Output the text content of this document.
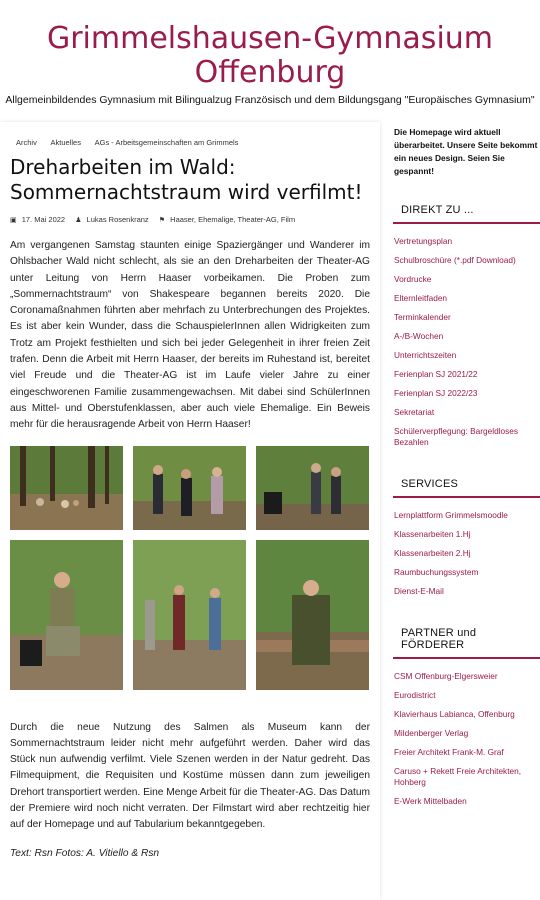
Grimmelshausen-Gymnasium Offenburg
Allgemeinbildendes Gymnasium mit Bilingualzug Französisch und dem Bildungsgang "Europäisches Gymnasium"
Archiv Aktuelles AGs - Arbeitsgemeinschaften am Grimmels
Dreharbeiten im Wald: Sommernachtstraum wird verfilmt!
▣ 17. Mai 2022 ♟ Lukas Rosenkranz ⚑ Haaser, Ehemalige, Theater-AG, Film

Am vergangenen Samstag staunten einige Spaziergänger und Wanderer im Ohlsbacher Wald nicht schlecht, als sie an den Dreharbeiten der Theater-AG unter Leitung von Herrn Haaser vorbeikamen. Die Proben zum „Sommernachtstraum“ von Shakespeare begannen bereits 2020. Die Coronamaßnahmen führten aber mehrfach zu Unterbrechungen des Projektes. Es ist aber kein Wunder, dass die SchauspielerInnen allen Widrigkeiten zum Trotz am Projekt festhielten und sich bei jeder Gelegenheit in ihrer freien Zeit trafen. Denn die Arbeit mit Herrn Haaser, der bereits im Ruhestand ist, bereitet viel Freude und die Theater-AG ist im Laufe vieler Jahre zu einer eingeschworenen Familie zusammengewachsen. Mit dabei sind SchülerInnen aus Mittel- und Oberstufenklassen, aber auch viele Ehemalige. Ein Beweis mehr für die herausragende Arbeit von Herrn Haaser!

Durch die neue Nutzung des Salmen als Museum kann der Sommernachtstraum leider nicht mehr aufgeführt werden. Daher wird das Stück nun aufwendig verfilmt. Viele Szenen werden in der Natur gedreht. Das Filmequipment, die Requisiten und Kostüme müssen dann zum jeweiligen Drehort transportiert werden. Eine Menge Arbeit für die Theater-AG. Das Datum der Premiere wird noch nicht verraten. Der Filmstart wird aber rechtzeitig hier auf der Homepage und auf Tabularium bekanntgegeben.

Text: Rsn Fotos: A. Vitiello & Rsn
Die Homepage wird aktuell überarbeitet. Unsere Seite bekommt ein neues Design. Seien Sie gespannt!
DIREKT ZU ...
Vertretungsplan
Schulbroschüre (*.pdf Download)
Vordrucke
Elternleitfaden
Terminkalender
A-/B-Wochen
Unterrichtszeiten
Ferienplan SJ 2021/22
Ferienplan SJ 2022/23
Sekretariat
Schülerverpflegung: Bargeldloses Bezahlen
SERVICES
Lernplattform Grimmelsmoodle
Klassenarbeiten 1.Hj
Klassenarbeiten 2.Hj
Raumbuchungssystem
Dienst-E-Mail
PARTNER und FÖRDERER
CSM Offenburg-Elgersweier
Eurodistrict
Klavierhaus Labianca, Offenburg
Mildenberger Verlag
Freier Architekt Frank-M. Graf
Caruso + Rekett Freie Architekten, Hohberg
E-Werk Mittelbaden
